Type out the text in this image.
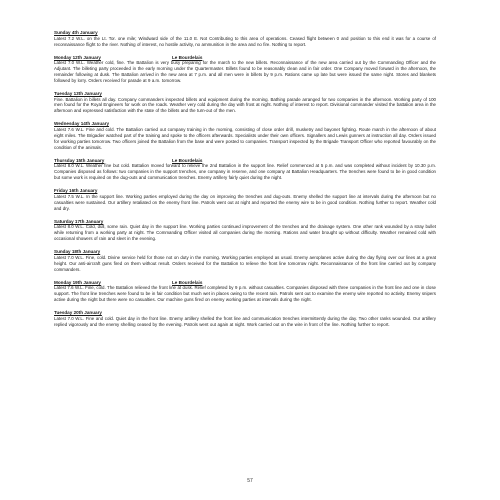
Sunday 4th January
Latest 7.2 W.L. on the Lt. Tor. one mile; Windward side of the 11.0 E. Not Contributing to this area of operations. Ceased flight between 0 and position to this end it was for a course of reconnaissance flight to the river. Nothing of interest, no hostile activity, no ammunition in the area and no fire. Nothing to report.
Monday 12th January	Le Bourdelais
Latest 7.0 W.L. Weather cold, fine. The Battalion is very busy preparing for the march to the new billets. Reconnaissance of the new area carried out by the Commanding Officer and the Adjutant. The billeting party proceeded in the early morning under the Quartermaster. Billets found to be reasonably clean and in fair order. One Company moved forward in the afternoon, the remainder following at dusk. The Battalion arrived in the new area at 7 p.m. and all men were in billets by 9 p.m. Rations came up late but were issued the same night. Stores and blankets followed by lorry. Orders received for parade at 9 a.m. tomorrow.
Tuesday 13th January
Fine. Battalion in billets all day. Company commanders inspected billets and equipment during the morning. Bathing parade arranged for two companies in the afternoon. Working party of 100 men found for the Royal Engineers for work on the roads. Weather very cold during the day with frost at night. Nothing of interest to report. Divisional commander visited the battalion area in the afternoon and expressed satisfaction with the state of the billets and the turn-out of the men.
Wednesday 14th January
Latest 7.6 W.L. Fine and cold. The Battalion carried out company training in the morning, consisting of close order drill, musketry and bayonet fighting. Route march in the afternoon of about eight miles. The Brigadier watched part of the training and spoke to the officers afterwards. Specialists under their own officers. Signallers and Lewis gunners at instruction all day. Orders issued for working parties tomorrow. Two officers joined the Battalion from the base and were posted to companies. Transport inspected by the Brigade Transport Officer who reported favourably on the condition of the animals.
Thursday 15th January	Le Bourdelais
Latest 8.0 W.L. Weather fine but cold. Battalion moved forward to relieve the 2nd Battalion in the support line. Relief commenced at 5 p.m. and was completed without incident by 10.30 p.m. Companies disposed as follows: two companies in the support trenches, one company in reserve, and one company at Battalion Headquarters. The trenches were found to be in good condition but some work is required on the dug-outs and communication trenches. Enemy artillery fairly quiet during the night.
Friday 16th January
Latest 7.5 W.L. In the support line. Working parties employed during the day on improving the trenches and dug-outs. Enemy shelled the support line at intervals during the afternoon but no casualties were sustained. Our artillery retaliated on the enemy front line. Patrols went out at night and reported the enemy wire to be in good condition. Nothing further to report. Weather cold and dry.
Saturday 17th January
Latest 8.0 W.L. Cold, dull, some rain. Quiet day in the support line. Working parties continued improvement of the trenches and the drainage system. One other rank wounded by a stray bullet while returning from a working party at night. The Commanding Officer visited all companies during the morning. Rations and water brought up without difficulty. Weather remained cold with occasional showers of rain and sleet in the evening.
Sunday 18th January
Latest 7.0 W.L. Fine, cold. Divine service held for those not on duty in the morning. Working parties employed as usual. Enemy aeroplanes active during the day flying over our lines at a great height. Our anti-aircraft guns fired on them without result. Orders received for the Battalion to relieve the front line tomorrow night. Reconnaissance of the front line carried out by company commanders.
Monday 19th January	Le Bourdelais
Latest 7.6 W.L. Fine, cold. The Battalion relieved the front line at dusk. Relief completed by 9 p.m. without casualties. Companies disposed with three companies in the front line and one in close support. The front line trenches were found to be in fair condition but much wet in places owing to the recent rain. Patrols sent out to examine the enemy wire reported no activity. Enemy snipers active during the night but there were no casualties. Our machine guns fired on enemy working parties at intervals during the night.
Tuesday 20th January
Latest 7.0 W.L. Fine and cold. Quiet day in the front line. Enemy artillery shelled the front line and communication trenches intermittently during the day. Two other ranks wounded. Our artillery replied vigorously and the enemy shelling ceased by the evening. Patrols went out again at night. Work carried out on the wire in front of the line. Nothing further to report.
57
